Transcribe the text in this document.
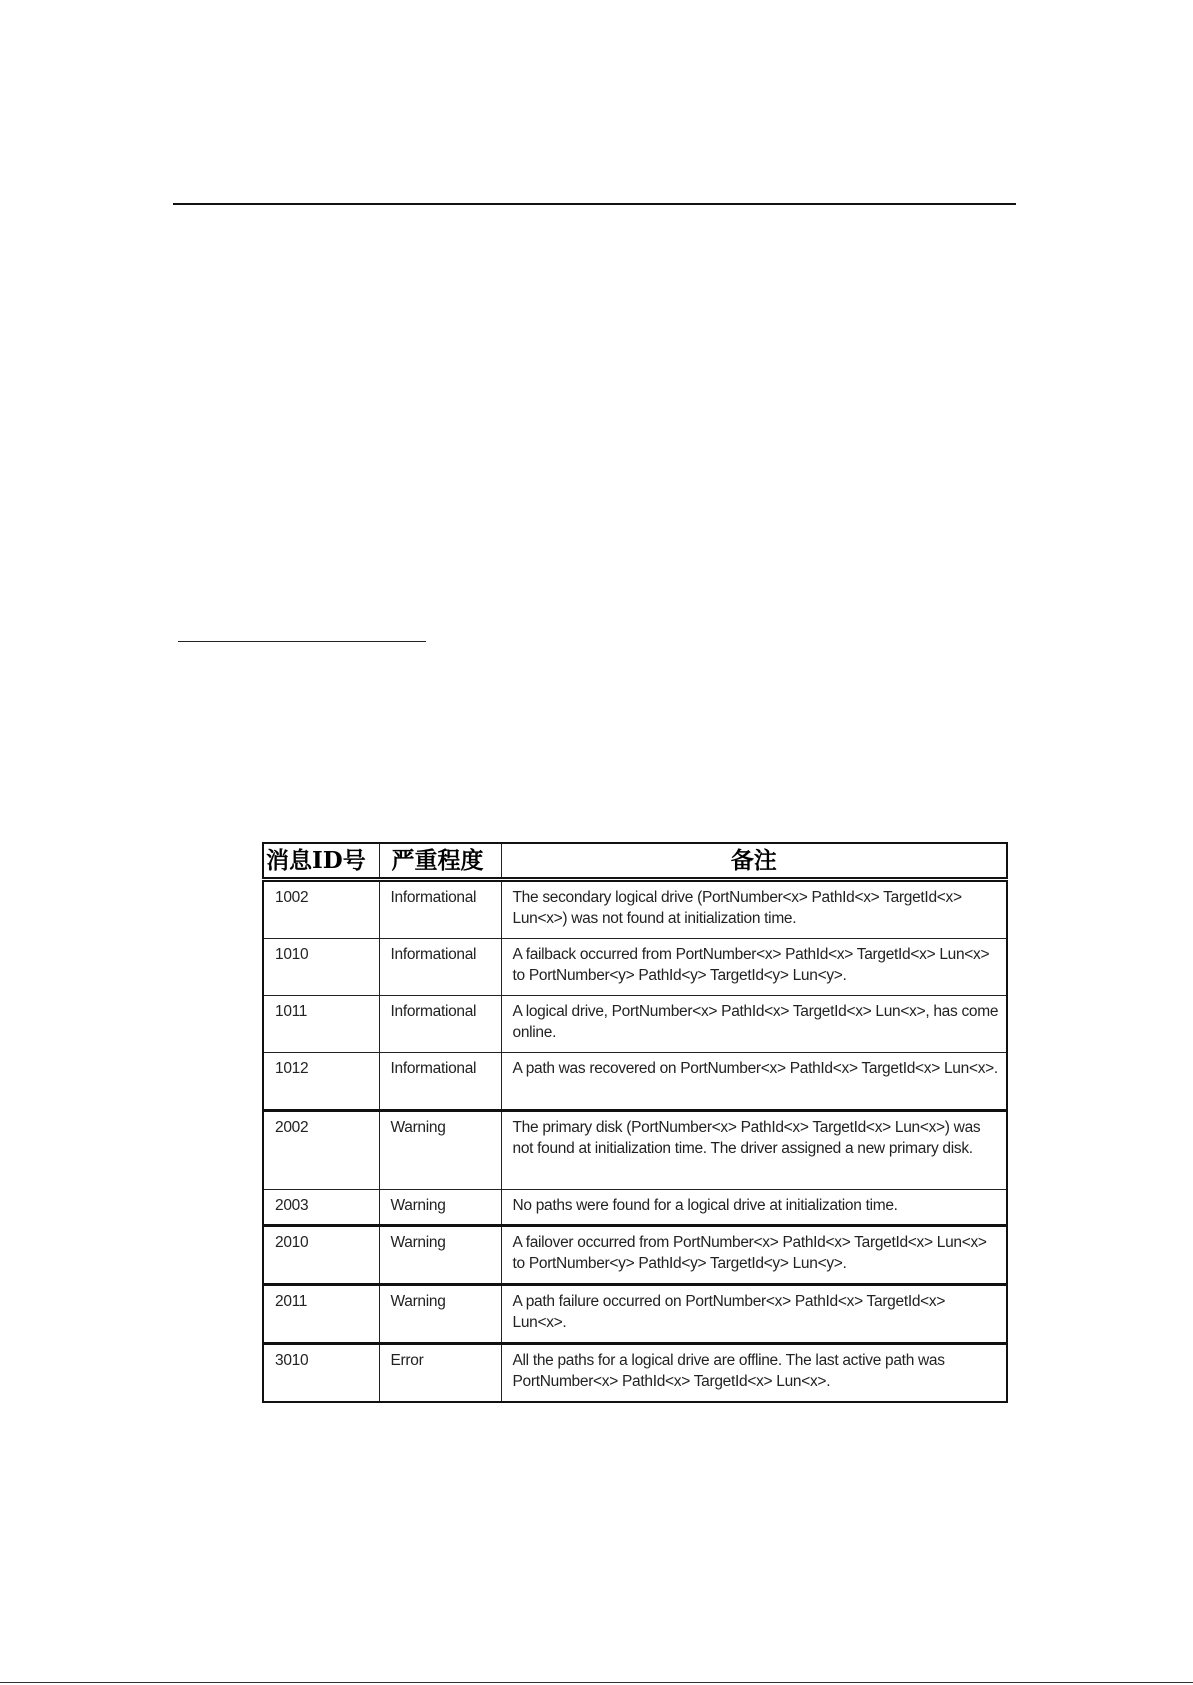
消息ID号	严重程度	备注
1002	Informational	The secondary logical drive (PortNumber<x> PathId<x> TargetId<x> Lun<x>) was not found at initialization time.
1010	Informational	A failback occurred from PortNumber<x> PathId<x> TargetId<x> Lun<x> to PortNumber<y> PathId<y> TargetId<y> Lun<y>.
1011	Informational	A logical drive, PortNumber<x> PathId<x> TargetId<x> Lun<x>, has come online.
1012	Informational	A path was recovered on PortNumber<x> PathId<x> TargetId<x> Lun<x>.
2002	Warning	The primary disk (PortNumber<x> PathId<x> TargetId<x> Lun<x>) was not found at initialization time. The driver assigned a new primary disk.
2003	Warning	No paths were found for a logical drive at initialization time.
2010	Warning	A failover occurred from PortNumber<x> PathId<x> TargetId<x> Lun<x> to PortNumber<y> PathId<y> TargetId<y> Lun<y>.
2011	Warning	A path failure occurred on PortNumber<x> PathId<x> TargetId<x> Lun<x>.
3010	Error	All the paths for a logical drive are offline. The last active path was PortNumber<x> PathId<x> TargetId<x> Lun<x>.
